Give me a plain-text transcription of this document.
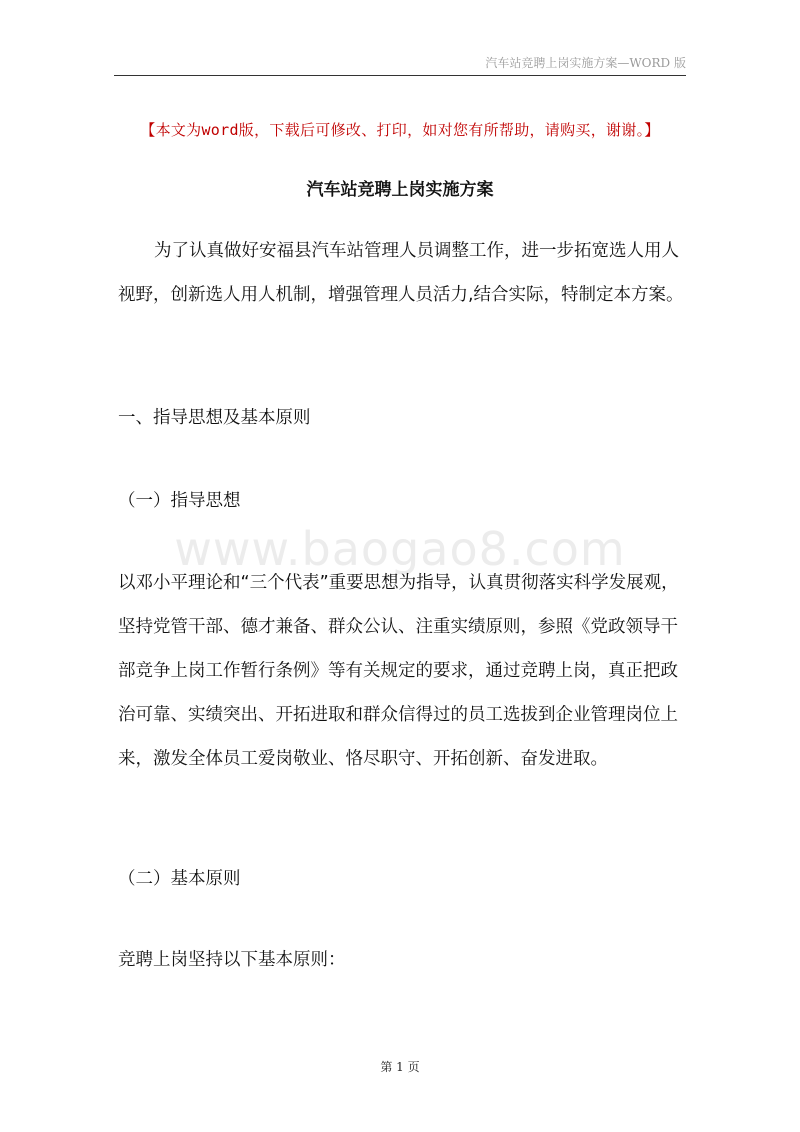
汽车站竞聘上岗实施方案—WORD 版
【本文为word版，下载后可修改、打印，如对您有所帮助，请购买，谢谢。】
汽车站竞聘上岗实施方案

为了认真做好安福县汽车站管理人员调整工作，进一步拓宽选人用人视野，创新选人用人机制，增强管理人员活力,结合实际，特制定本方案。

一、指导思想及基本原则
（一）指导思想
www.baogao8.com

以邓小平理论和“三个代表”重要思想为指导，认真贯彻落实科学发展观，坚持党管干部、德才兼备、群众公认、注重实绩原则，参照《党政领导干部竞争上岗工作暂行条例》等有关规定的要求，通过竞聘上岗，真正把政治可靠、实绩突出、开拓进取和群众信得过的员工选拔到企业管理岗位上来，激发全体员工爱岗敬业、恪尽职守、开拓创新、奋发进取。

（二）基本原则
竞聘上岗坚持以下基本原则：
第 1 页
